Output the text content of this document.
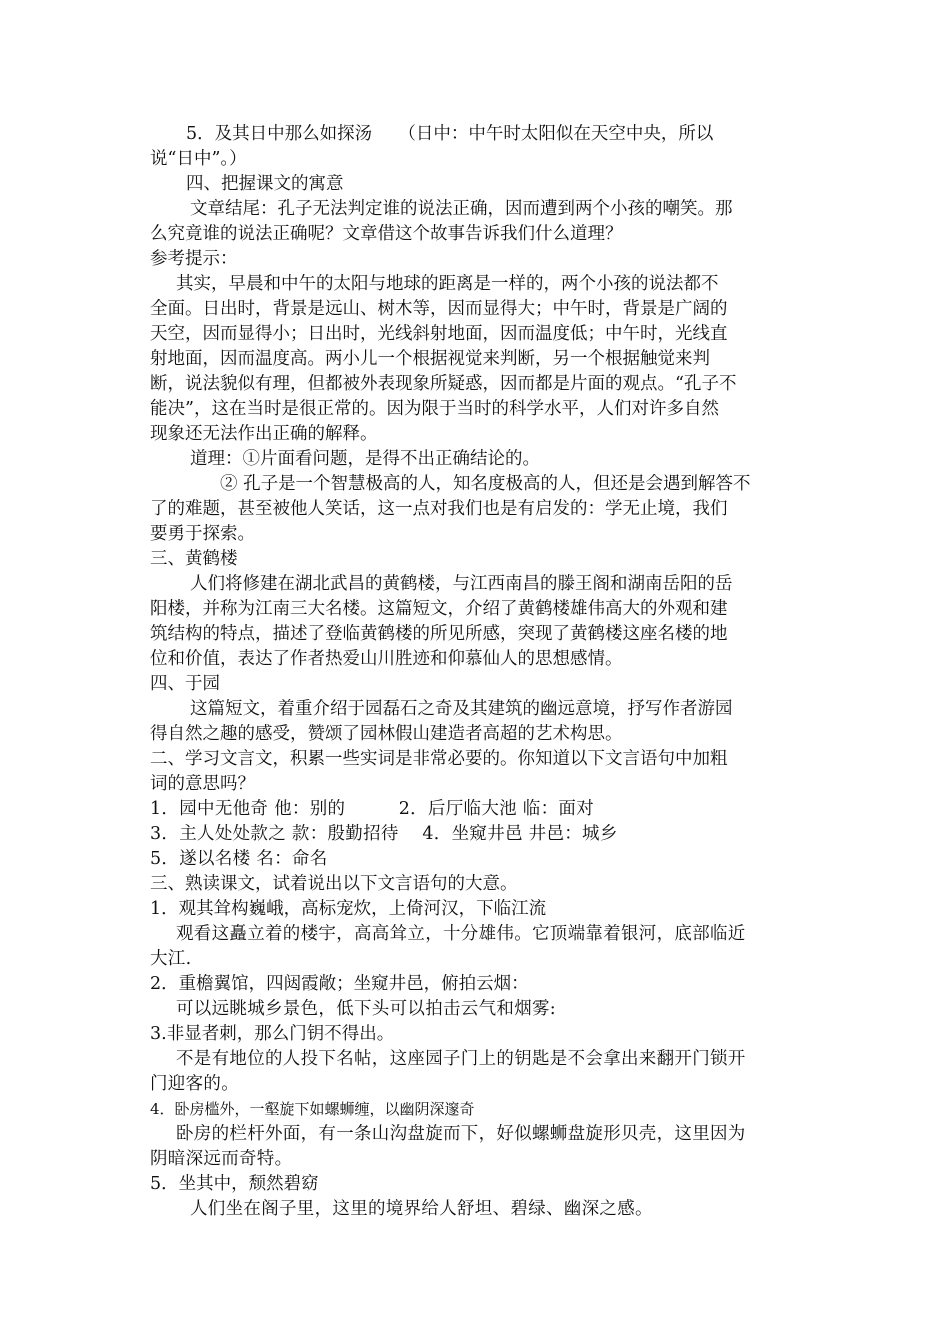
5．及其日中那么如探汤　　（日中：中午时太阳似在天空中央，所以
说“日中”。）
四、把握课文的寓意
文章结尾：孔子无法判定谁的说法正确，因而遭到两个小孩的嘲笑。那
么究竟谁的说法正确呢？文章借这个故事告诉我们什么道理？
参考提示：
其实，早晨和中午的太阳与地球的距离是一样的，两个小孩的说法都不
全面。日出时，背景是远山、树木等，因而显得大；中午时，背景是广阔的
天空，因而显得小；日出时，光线斜射地面，因而温度低；中午时，光线直
射地面，因而温度高。两小儿一个根据视觉来判断，另一个根据触觉来判
断，说法貌似有理，但都被外表现象所疑惑，因而都是片面的观点。“孔子不
能决”，这在当时是很正常的。因为限于当时的科学水平，人们对许多自然
现象还无法作出正确的解释。
道理：①片面看问题，是得不出正确结论的。
② 孔子是一个智慧极高的人，知名度极高的人，但还是会遇到解答不
了的难题，甚至被他人笑话，这一点对我们也是有启发的：学无止境，我们
要勇于探索。
三、黄鹤楼
人们将修建在湖北武昌的黄鹤楼，与江西南昌的滕王阁和湖南岳阳的岳
阳楼，并称为江南三大名楼。这篇短文，介绍了黄鹤楼雄伟高大的外观和建
筑结构的特点，描述了登临黄鹤楼的所见所感，突现了黄鹤楼这座名楼的地
位和价值，表达了作者热爱山川胜迹和仰慕仙人的思想感情。
四、于园
这篇短文，着重介绍于园磊石之奇及其建筑的幽远意境，抒写作者游园
得自然之趣的感受，赞颂了园林假山建造者高超的艺术构思。
二、学习文言文，积累一些实词是非常必要的。你知道以下文言语句中加粗
词的意思吗？
1．园中无他奇 他：别的　　　2．后厅临大池 临：面对
3．主人处处款之 款：殷勤招待　 4．坐窥井邑 井邑：城乡
5．遂以名楼 名：命名
三、熟读课文，试着说出以下文言语句的大意。
1．观其耸构巍峨，高标宠炊，上倚河汉，下临江流
观看这矗立着的楼宇，高高耸立，十分雄伟。它顶端靠着银河，底部临近
大江.
2．重檐翼馆，四闼霞敞；坐窥井邑，俯拍云烟：
可以远眺城乡景色，低下头可以拍击云气和烟雾:
3.非显者刺，那么门钥不得出。
不是有地位的人投下名帖，这座园子门上的钥匙是不会拿出来翻开门锁开
门迎客的。
4．卧房槛外，一壑旋下如螺蛳缠，以幽阴深邃奇
卧房的栏杆外面，有一条山沟盘旋而下，好似螺蛳盘旋形贝壳，这里因为
阴暗深远而奇特。
5．坐其中，颓然碧窈
人们坐在阁子里，这里的境界给人舒坦、碧绿、幽深之感。
